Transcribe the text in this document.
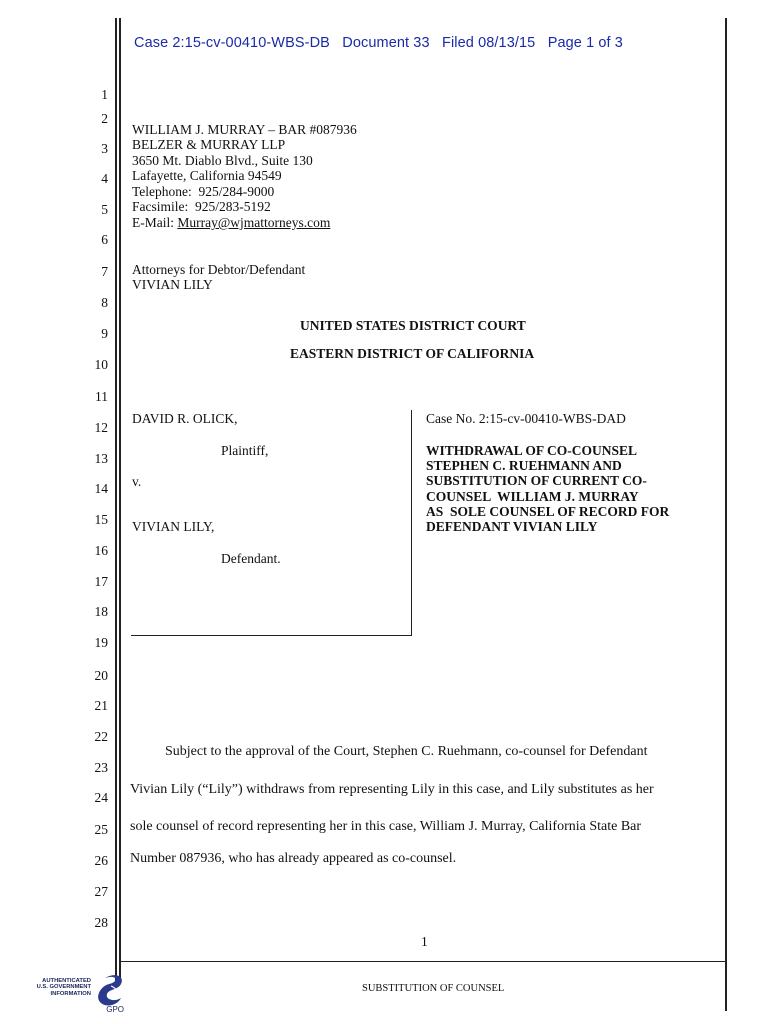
Case 2:15-cv-00410-WBS-DB   Document 33   Filed 08/13/15   Page 1 of 3
1
2
3
4
5
6
7
8
9
10
11
12
13
14
15
16
17
18
19
20
21
22
23
24
25
26
27
28
WILLIAM J. MURRAY – BAR #087936
BELZER & MURRAY LLP
3650 Mt. Diablo Blvd., Suite 130
Lafayette, California 94549
Telephone:  925/284-9000
Facsimile:  925/283-5192
E-Mail: Murray@wjmattorneys.com
Attorneys for Debtor/Defendant
VIVIAN LILY
UNITED STATES DISTRICT COURT
EASTERN DISTRICT OF CALIFORNIA
DAVID R. OLICK,
Plaintiff,
v.
VIVIAN LILY,
Defendant.
Case No. 2:15-cv-00410-WBS-DAD
WITHDRAWAL OF CO-COUNSEL
STEPHEN C. RUEHMANN AND
SUBSTITUTION OF CURRENT CO-
COUNSEL  WILLIAM J. MURRAY
AS  SOLE COUNSEL OF RECORD FOR
DEFENDANT VIVIAN LILY
Subject to the approval of the Court, Stephen C. Ruehmann, co-counsel for Defendant
Vivian Lily (“Lily”) withdraws from representing Lily in this case, and Lily substitutes as her
sole counsel of record representing her in this case, William J. Murray, California State Bar
Number 087936, who has already appeared as co-counsel.
1
SUBSTITUTION OF COUNSEL
AUTHENTICATED
U.S. GOVERNMENT
INFORMATION
GPO
